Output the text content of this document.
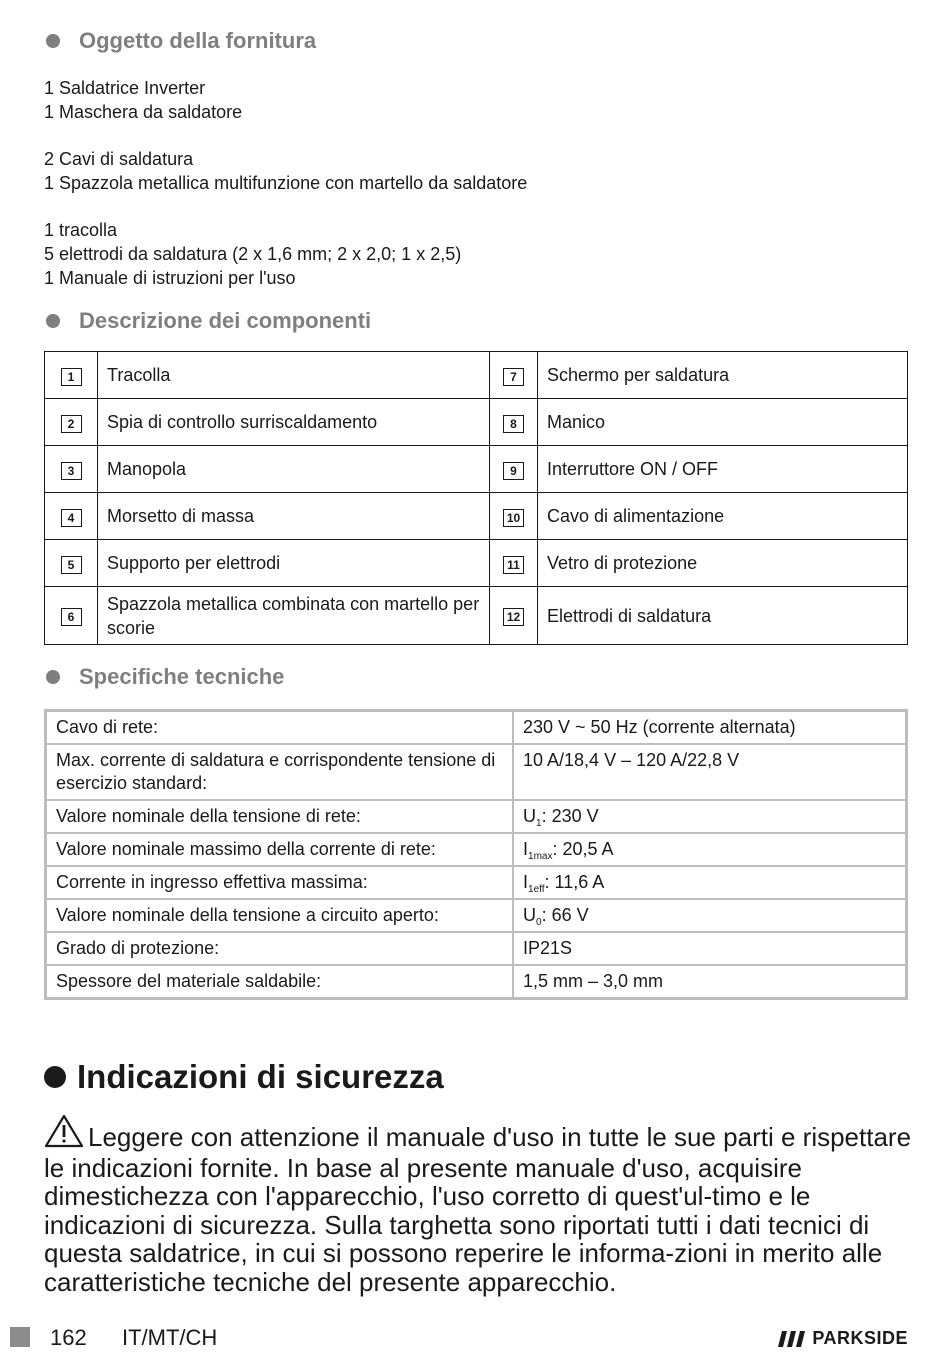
Oggetto della fornitura
1 Saldatrice Inverter
1 Maschera da saldatore
2 Cavi di saldatura
1 Spazzola metallica multifunzione con martello da saldatore
1 tracolla
5 elettrodi da saldatura (2 x 1,6 mm; 2 x 2,0; 1 x 2,5)
1 Manuale di istruzioni per l'uso
Descrizione dei componenti
1	Tracolla	7	Schermo per saldatura
2	Spia di controllo surriscaldamento	8	Manico
3	Manopola	9	Interruttore ON / OFF
4	Morsetto di massa	10	Cavo di alimentazione
5	Supporto per elettrodi	11	Vetro di protezione
6	Spazzola metallica combinata con martello per scorie	12	Elettrodi di saldatura
Specifiche tecniche
Cavo di rete:	230 V ~ 50 Hz (corrente alternata)
Max. corrente di saldatura e corrispondente tensione di esercizio standard:	10 A/18,4 V – 120 A/22,8 V
Valore nominale della tensione di rete:	$U_1$: 230 V
Valore nominale massimo della corrente di rete:	$I_{1max}$: 20,5 A
Corrente in ingresso effettiva massima:	$I_{1eff}$: 11,6 A
Valore nominale della tensione a circuito aperto:	$U_0$: 66 V
Grado di protezione:	IP21S
Spessore del materiale saldabile:	1,5 mm – 3,0 mm
Indicazioni di sicurezza
Leggere con attenzione il manuale d'uso in tutte le sue parti e rispettare le indicazioni fornite. In base al presente manuale d'uso, acquisire dimestichezza con l'apparecchio, l'uso corretto di quest'ul-timo e le indicazioni di sicurezza. Sulla targhetta sono riportati tutti i dati tecnici di questa saldatrice, in cui si possono reperire le informa-zioni in merito alle caratteristiche tecniche del presente apparecchio.
162 IT/MT/CH	PARKSIDE
